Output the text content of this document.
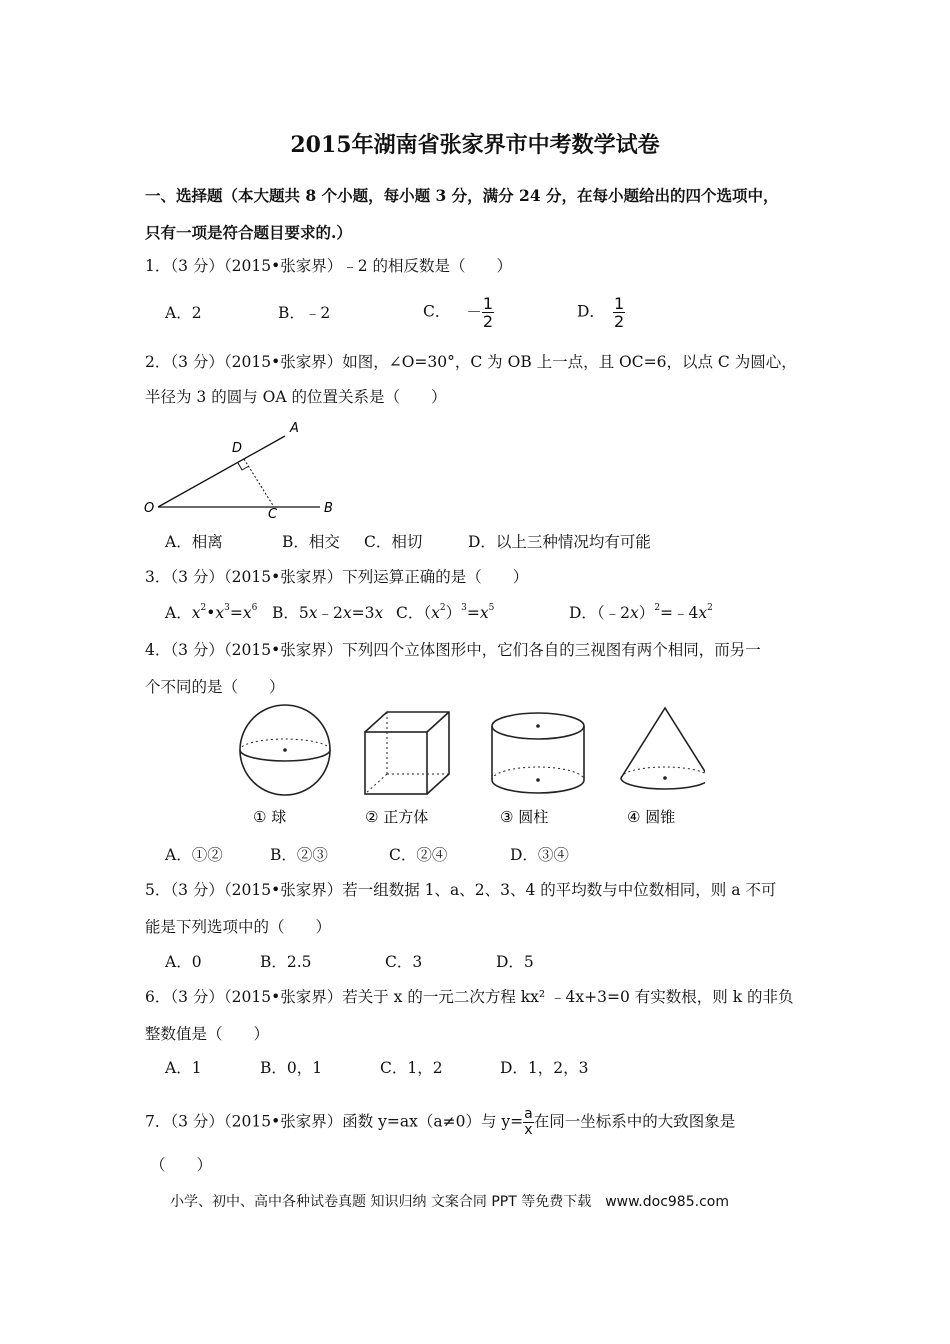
2015年湖南省张家界市中考数学试卷
一、选择题（本大题共 8 个小题，每小题 3 分，满分 24 分，在每小题给出的四个选项中，
只有一项是符合题目要求的.）
1．（3 分）（2015•张家界）﹣2 的相反数是（　　）
A．2	B．﹣2	C． － $\frac{1}{2}$	D． $\frac{1}{2}$
2．（3 分）（2015•张家界）如图，∠O=30°，C 为 OB 上一点，且 OC=6，以点 C 为圆心，
半径为 3 的圆与 OA 的位置关系是（　　）
O
A
B
C
D
A．相离	B．相交 C．相切	D．以上三种情况均有可能
3．（3 分）（2015•张家界）下列运算正确的是（　　）
A．$x^2•x^3=x^6$ B．5x﹣2x=3x C．$(x^2)^3=x^5$	D．$(﹣2x)^2=﹣4x^2$
4．（3 分）（2015•张家界）下列四个立体图形中，它们各自的三视图有两个相同，而另一
个不同的是（　　）
① 球	② 正方体	③ 圆柱	④ 圆锥
A．①②	B．②③	C．②④	D．③④
5．（3 分）（2015•张家界）若一组数据 1、a、2、3、4 的平均数与中位数相同，则 a 不可
能是下列选项中的（　　）
A．0	B．2.5	C．3	D．5
6．（3 分）（2015•张家界）若关于 x 的一元二次方程 kx² ﹣4x+3=0 有实数根，则 k 的非负
整数值是（　　）
A．1	B．0，1	C．1，2	D．1，2，3
7．（3 分）（2015•张家界）函数 y=ax（a≠0）与 $y= \frac{a}{x}$ 在同一坐标系中的大致图象是
（　　）
小学、初中、高中各种试卷真题 知识归纳 文案合同 PPT 等免费下载　www.doc985.com
